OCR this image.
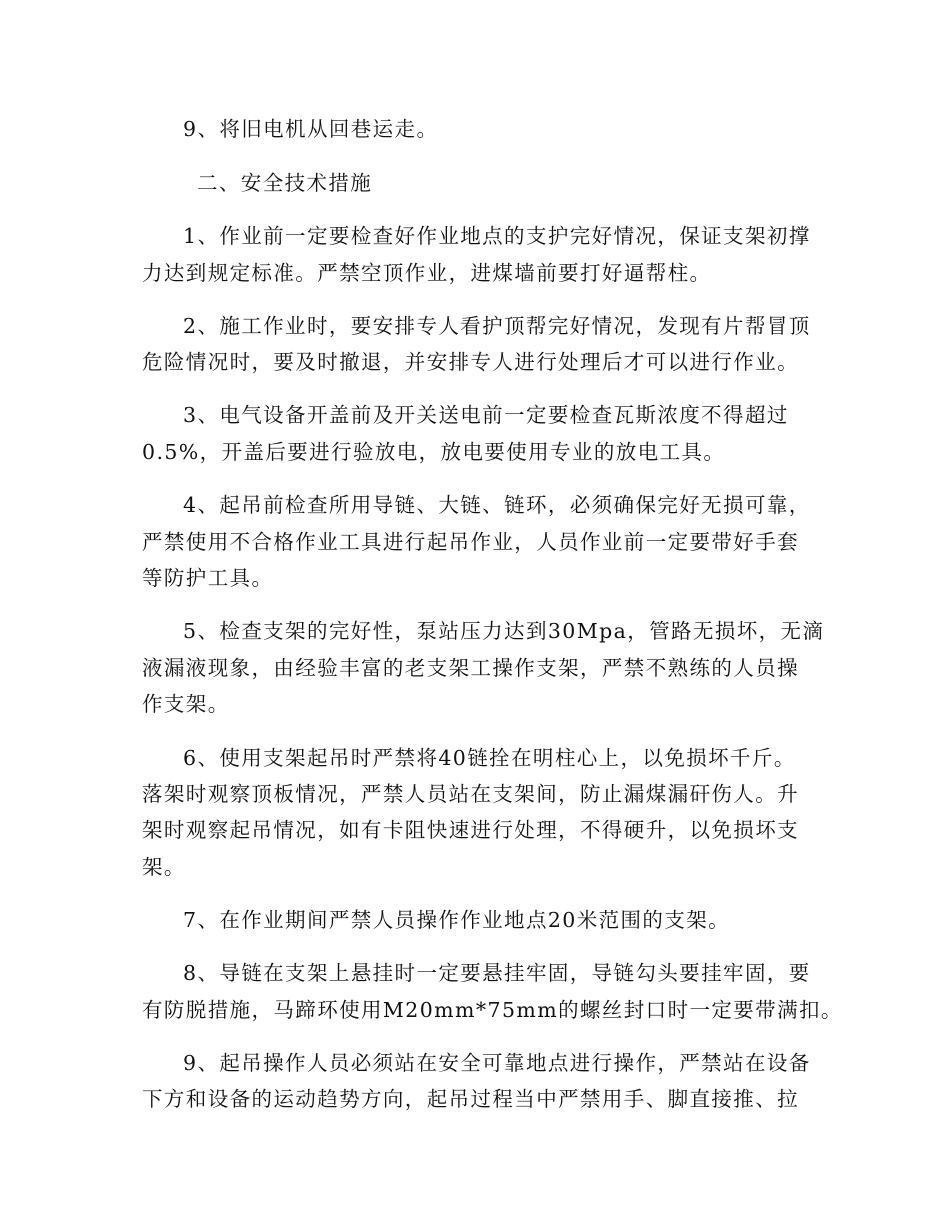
9、将旧电机从回巷运走。
二、安全技术措施
1、作业前一定要检查好作业地点的支护完好情况，保证支架初撑
力达到规定标准。严禁空顶作业，进煤墙前要打好逼帮柱。
2、施工作业时，要安排专人看护顶帮完好情况，发现有片帮冒顶
危险情况时，要及时撤退，并安排专人进行处理后才可以进行作业。
3、电气设备开盖前及开关送电前一定要检查瓦斯浓度不得超过
0.5%，开盖后要进行验放电，放电要使用专业的放电工具。
4、起吊前检查所用导链、大链、链环，必须确保完好无损可靠，
严禁使用不合格作业工具进行起吊作业，人员作业前一定要带好手套
等防护工具。
5、检查支架的完好性，泵站压力达到30Mpa，管路无损坏，无滴
液漏液现象，由经验丰富的老支架工操作支架，严禁不熟练的人员操
作支架。
6、使用支架起吊时严禁将40链拴在明柱心上，以免损坏千斤。
落架时观察顶板情况，严禁人员站在支架间，防止漏煤漏矸伤人。升
架时观察起吊情况，如有卡阻快速进行处理，不得硬升，以免损坏支
架。
7、在作业期间严禁人员操作作业地点20米范围的支架。
8、导链在支架上悬挂时一定要悬挂牢固，导链勾头要挂牢固，要
有防脱措施，马蹄环使用M20mm*75mm的螺丝封口时一定要带满扣。
9、起吊操作人员必须站在安全可靠地点进行操作，严禁站在设备
下方和设备的运动趋势方向，起吊过程当中严禁用手、脚直接推、拉
